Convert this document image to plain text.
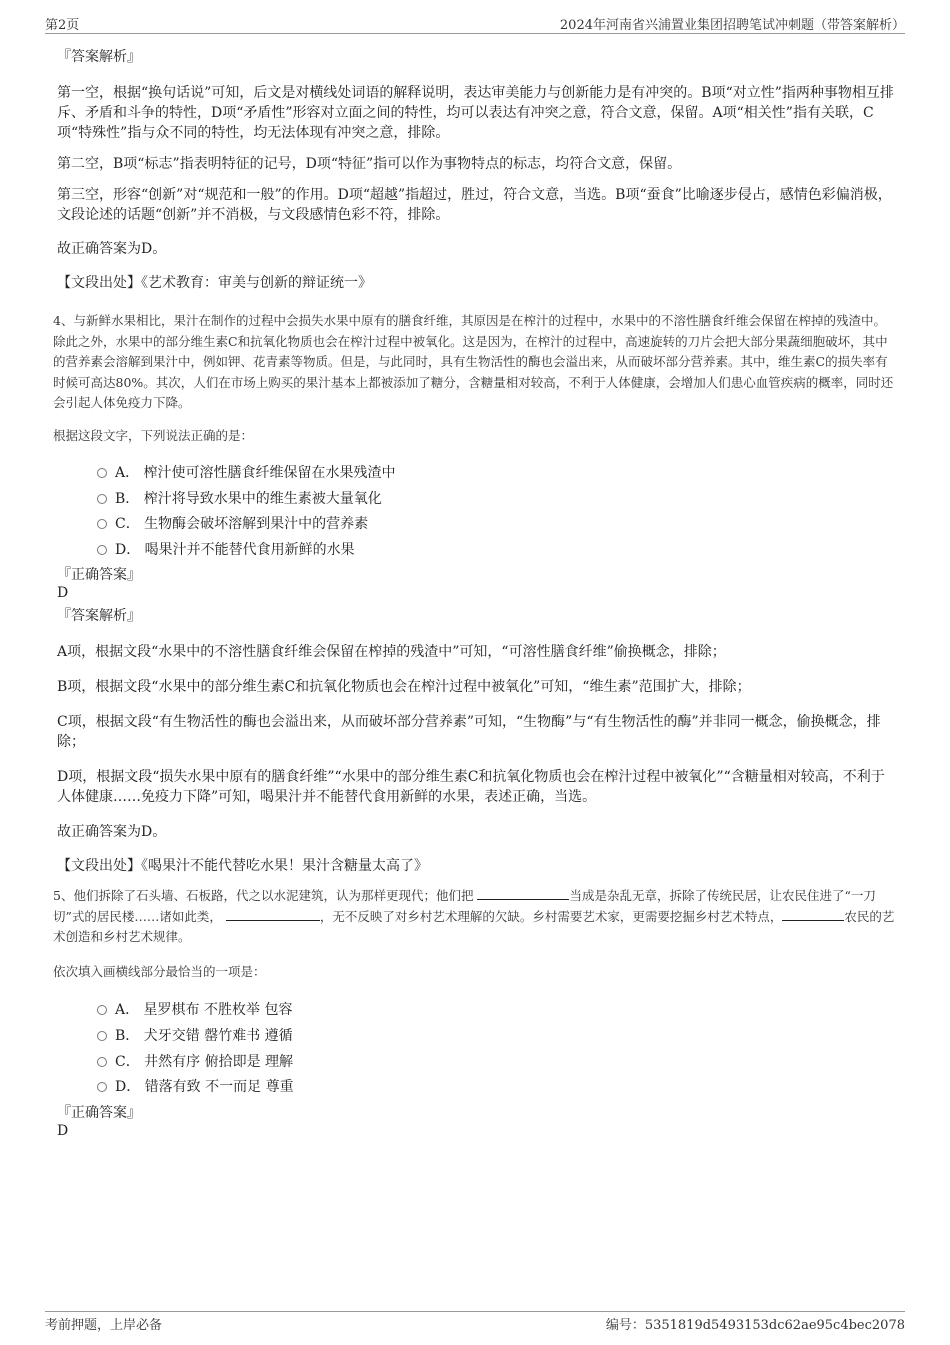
第2页	2024年河南省兴浦置业集团招聘笔试冲刺题（带答案解析）

『答案解析』

第一空，根据“换句话说”可知，后文是对横线处词语的解释说明，表达审美能力与创新能力是有冲突的。B项“对立性”指两种事物相互排斥、矛盾和斗争的特性，D项“矛盾性”形容对立面之间的特性，均可以表达有冲突之意，符合文意，保留。A项“相关性”指有关联，C项“特殊性”指与众不同的特性，均无法体现有冲突之意，排除。

第二空，B项“标志”指表明特征的记号，D项“特征”指可以作为事物特点的标志，均符合文意，保留。

第三空，形容“创新”对“规范和一般”的作用。D项“超越”指超过，胜过，符合文意，当选。B项“蚕食”比喻逐步侵占，感情色彩偏消极，文段论述的话题“创新”并不消极，与文段感情色彩不符，排除。

故正确答案为D。

【文段出处】《艺术教育：审美与创新的辩证统一》

4、与新鲜水果相比，果汁在制作的过程中会损失水果中原有的膳食纤维，其原因是在榨汁的过程中，水果中的不溶性膳食纤维会保留在榨掉的残渣中。除此之外，水果中的部分维生素C和抗氧化物质也会在榨汁过程中被氧化。这是因为，在榨汁的过程中，高速旋转的刀片会把大部分果蔬细胞破坏，其中的营养素会溶解到果汁中，例如钾、花青素等物质。但是，与此同时，具有生物活性的酶也会溢出来，从而破坏部分营养素。其中，维生素C的损失率有时候可高达80%。其次，人们在市场上购买的果汁基本上都被添加了糖分，含糖量相对较高，不利于人体健康，会增加人们患心血管疾病的概率，同时还会引起人体免疫力下降。

根据这段文字，下列说法正确的是：

A． 榨汁使可溶性膳食纤维保留在水果残渣中
B． 榨汁将导致水果中的维生素被大量氧化
C． 生物酶会破坏溶解到果汁中的营养素
D． 喝果汁并不能替代食用新鲜的水果

『正确答案』

D

『答案解析』

A项，根据文段“水果中的不溶性膳食纤维会保留在榨掉的残渣中”可知，“可溶性膳食纤维”偷换概念，排除；

B项，根据文段“水果中的部分维生素C和抗氧化物质也会在榨汁过程中被氧化”可知，“维生素”范围扩大，排除；

C项，根据文段“有生物活性的酶也会溢出来，从而破坏部分营养素”可知，“生物酶”与“有生物活性的酶”并非同一概念，偷换概念，排除；

D项，根据文段“损失水果中原有的膳食纤维”“水果中的部分维生素C和抗氧化物质也会在榨汁过程中被氧化”“含糖量相对较高，不利于人体健康……免疫力下降”可知，喝果汁并不能替代食用新鲜的水果，表述正确，当选。

故正确答案为D。

【文段出处】《喝果汁不能代替吃水果！果汁含糖量太高了》

5、他们拆除了石头墙、石板路，代之以水泥建筑，认为那样更现代；他们把	当成是杂乱无章，拆除了传统民居，让农民住进了“一刀切”式的居民楼……诸如此类，	，无不反映了对乡村艺术理解的欠缺。乡村需要艺术家，更需要挖掘乡村艺术特点，	农民的艺术创造和乡村艺术规律。

依次填入画横线部分最恰当的一项是：

A． 星罗棋布 不胜枚举 包容
B． 犬牙交错 罄竹难书 遵循
C． 井然有序 俯拾即是 理解
D． 错落有致 不一而足 尊重

『正确答案』

D

考前押题，上岸必备	编号：5351819d5493153dc62ae95c4bec2078
